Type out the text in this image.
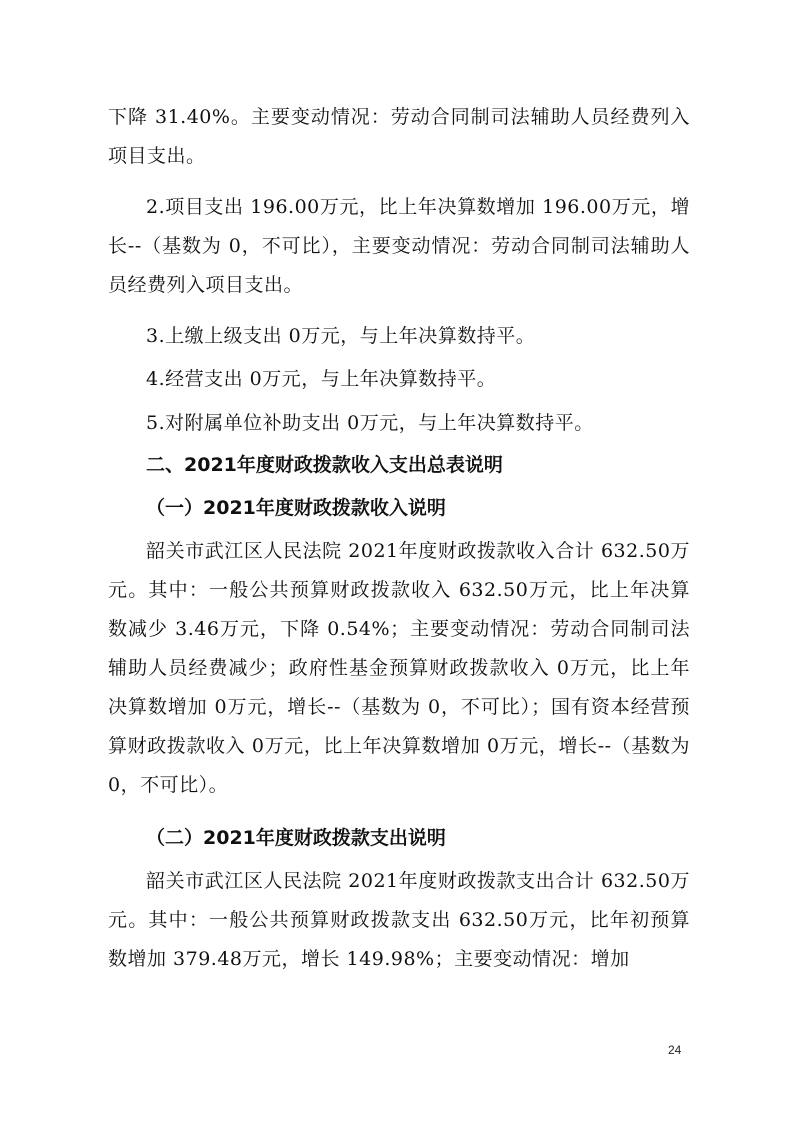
下降 31.40%。主要变动情况：劳动合同制司法辅助人员经费列入项目支出。

2.项目支出 196.00万元，比上年决算数增加 196.00万元，增长--（基数为 0，不可比），主要变动情况：劳动合同制司法辅助人员经费列入项目支出。

3.上缴上级支出 0万元，与上年决算数持平。

4.经营支出 0万元，与上年决算数持平。

5.对附属单位补助支出 0万元，与上年决算数持平。

二、2021年度财政拨款收入支出总表说明
（一）2021年度财政拨款收入说明

韶关市武江区人民法院 2021年度财政拨款收入合计 632.50万元。其中：一般公共预算财政拨款收入 632.50万元，比上年决算数减少 3.46万元，下降 0.54%；主要变动情况：劳动合同制司法辅助人员经费减少；政府性基金预算财政拨款收入 0万元，比上年决算数增加 0万元，增长--（基数为 0，不可比）；国有资本经营预算财政拨款收入 0万元，比上年决算数增加 0万元，增长--（基数为 0，不可比）。

（二）2021年度财政拨款支出说明

韶关市武江区人民法院 2021年度财政拨款支出合计 632.50万元。其中：一般公共预算财政拨款支出 632.50万元，比年初预算数增加 379.48万元，增长 149.98%；主要变动情况：增加

24
